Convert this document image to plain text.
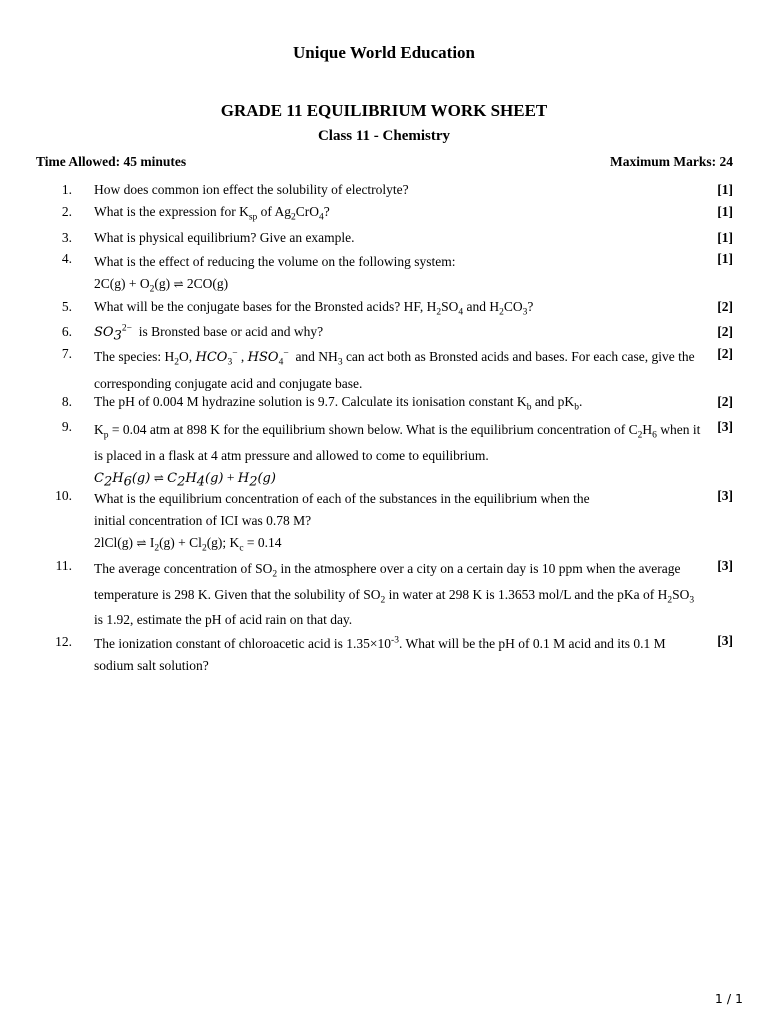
Unique World Education
GRADE 11 EQUILIBRIUM WORK SHEET
Class 11 - Chemistry
Time Allowed: 45 minutes	Maximum Marks: 24
1. How does common ion effect the solubility of electrolyte?	[1]
2. What is the expression for $K_{sp}$ of $Ag_2CrO_4$?	[1]
3. What is physical equilibrium? Give an example.	[1]
4. What is the effect of reducing the volume on the following system:
$2C(g) + O_2(g)$ ⇌ 2CO(g)
[1]
5. What will be the conjugate bases for the Bronsted acids? HF, $H_2SO_4$ and $H_2CO_3$?	[2]
6. $SO_3^{2-}$  is Bronsted base or acid and why?	[2]
7. The species: $H_2O$, $HCO_3^-$ , $HSO_4^-$  and $NH_3$ can act both as Bronsted acids and bases. For each case, give the
corresponding conjugate acid and conjugate base.
[2]
8. The pH of 0.004 M hydrazine solution is 9.7. Calculate its ionisation constant $K_b$ and $pK_b$.	[2]
9. $K_p = 0.04$ atm at 898 K for the equilibrium shown below. What is the equilibrium concentration of $C_2H_6$ when it
is placed in a flask at 4 atm pressure and allowed to come to equilibrium.
$C_2H_6(g)$ ⇌ $C_2H_4(g) + H_2(g)$
[3]
10. What is the equilibrium concentration of each of the substances in the equilibrium when the
initial concentration of ICI was 0.78 M?
2lCl(g) ⇌ $I_2(g) + Cl_2(g)$; $K_c = 0.14$
[3]
11. The average concentration of $SO_2$ in the atmosphere over a city on a certain day is 10 ppm when the average
temperature is 298 K. Given that the solubility of $SO_2$ in water at 298 K is 1.3653 mol/L and the pKa of $H_2SO_3$
is 1.92, estimate the pH of acid rain on that day.
[3]
12. The ionization constant of chloroacetic acid is $1.35\times 10^{-3}$. What will be the pH of 0.1 M acid and its 0.1 M
sodium salt solution?
[3]
1 / 1
